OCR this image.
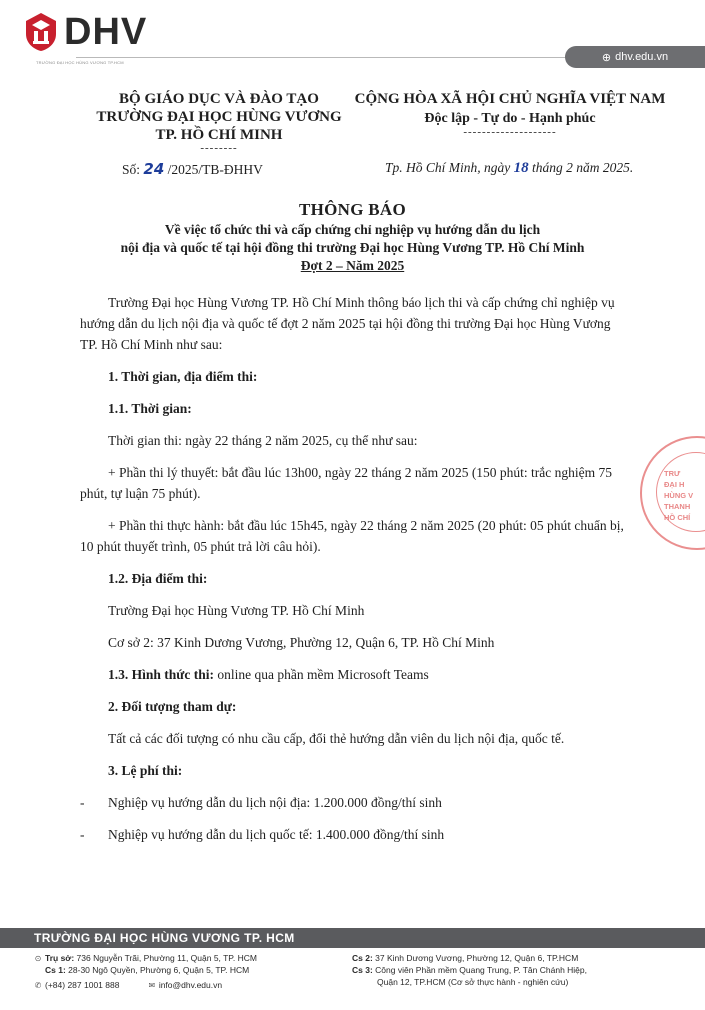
DHV
TRƯỜNG ĐẠI HỌC HÙNG VƯƠNG TP.HCM	⊕ dhv.edu.vn
BỘ GIÁO DỤC VÀ ĐÀO TẠO
TRƯỜNG ĐẠI HỌC HÙNG VƯƠNG
TP. HỒ CHÍ MINH
--------
CỘNG HÒA XÃ HỘI CHỦ NGHĨA VIỆT NAM
Độc lập - Tự do - Hạnh phúc
--------------------
Số: 24 /2025/TB-ĐHHV	Tp. Hồ Chí Minh, ngày 18 tháng 2 năm 2025.
THÔNG BÁO
Về việc tổ chức thi và cấp chứng chỉ nghiệp vụ hướng dẫn du lịch
nội địa và quốc tế tại hội đồng thi trường Đại học Hùng Vương TP. Hồ Chí Minh
Đợt 2 – Năm 2025

Trường Đại học Hùng Vương TP. Hồ Chí Minh thông báo lịch thi và cấp chứng chỉ nghiệp vụ hướng dẫn du lịch nội địa và quốc tế đợt 2 năm 2025 tại hội đồng thi trường Đại học Hùng Vương TP. Hồ Chí Minh như sau:

1. Thời gian, địa điểm thi:

1.1. Thời gian:

Thời gian thi: ngày 22 tháng 2 năm 2025, cụ thể như sau:

+ Phần thi lý thuyết: bắt đầu lúc 13h00, ngày 22 tháng 2 năm 2025 (150 phút: trắc nghiệm 75 phút, tự luận 75 phút).

+ Phần thi thực hành: bắt đầu lúc 15h45, ngày 22 tháng 2 năm 2025 (20 phút: 05 phút chuẩn bị, 10 phút thuyết trình, 05 phút trả lời câu hỏi).

1.2. Địa điểm thi:

Trường Đại học Hùng Vương TP. Hồ Chí Minh

Cơ sở 2: 37 Kinh Dương Vương, Phường 12, Quận 6, TP. Hồ Chí Minh

1.3. Hình thức thi: online qua phần mềm Microsoft Teams

2. Đối tượng tham dự:

Tất cả các đối tượng có nhu cầu cấp, đổi thẻ hướng dẫn viên du lịch nội địa, quốc tế.

3. Lệ phí thi:

- Nghiệp vụ hướng dẫn du lịch nội địa: 1.200.000 đồng/thí sinh

- Nghiệp vụ hướng dẫn du lịch quốc tế: 1.400.000 đồng/thí sinh

TRƯ
ĐẠI H
HÙNG V
THANH
HỒ CHÍ
TRƯỜNG ĐẠI HỌC HÙNG VƯƠNG TP. HCM
⊙ Trụ sở: 736 Nguyễn Trãi, Phường 11, Quận 5, TP. HCM
Cs 1: 28-30 Ngô Quyền, Phường 6, Quận 5, TP. HCM
✆ (+84) 287 1001 888	✉ info@dhv.edu.vn
Cs 2: 37 Kinh Dương Vương, Phường 12, Quận 6, TP.HCM
Cs 3: Công viên Phần mềm Quang Trung, P. Tân Chánh Hiệp,
Quận 12, TP.HCM (Cơ sở thực hành - nghiên cứu)
